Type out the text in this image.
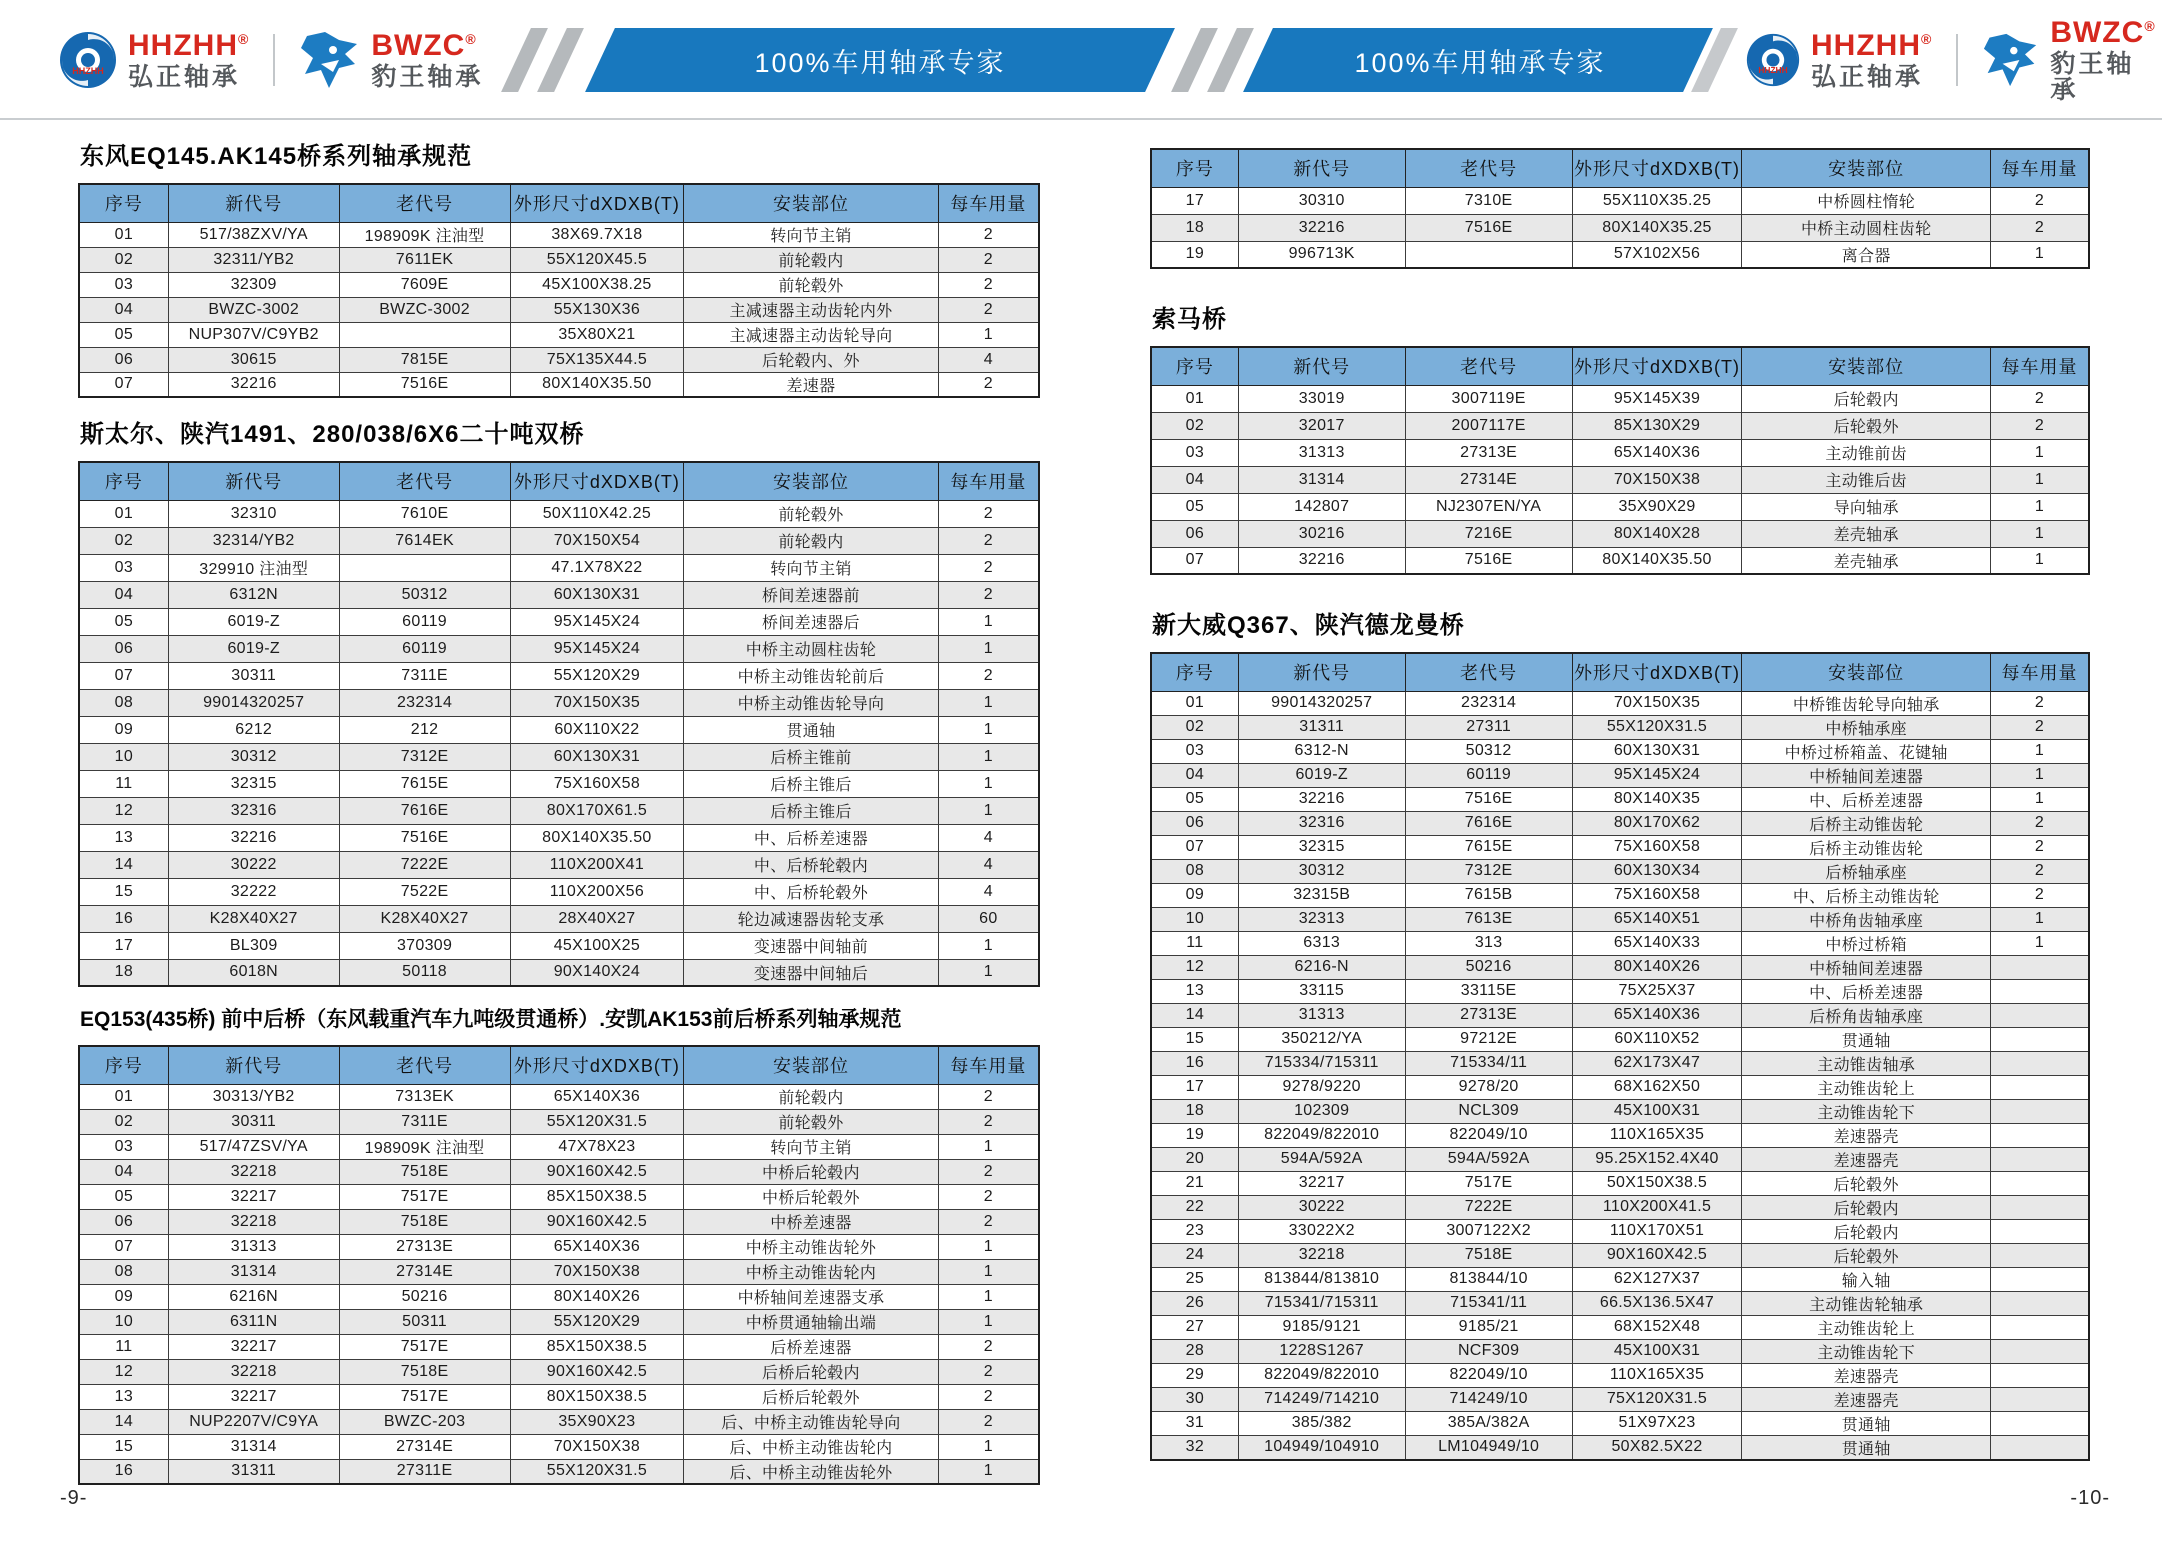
HHZHH
HHZHH®
弘正轴承
BWZC®
豹王轴承	100%车用轴承专家	100%车用轴承专家	HHZHH
HHZHH®
弘正轴承
BWZC®
豹王轴承
东风EQ145.AK145桥系列轴承规范
序号	新代号	老代号	外形尺寸dXDXB(T)	安装部位	每车用量
01	517/38ZXV/YA	198909K 注油型	38X69.7X18	转向节主销	2
02	32311/YB2	7611EK	55X120X45.5	前轮毂内	2
03	32309	7609E	45X100X38.25	前轮毂外	2
04	BWZC-3002	BWZC-3002	55X130X36	主减速器主动齿轮内外	2
05	NUP307V/C9YB2		35X80X21	主减速器主动齿轮导向	1
06	30615	7815E	75X135X44.5	后轮毂内、外	4
07	32216	7516E	80X140X35.50	差速器	2
斯太尔、陕汽1491、280/038/6X6二十吨双桥
序号	新代号	老代号	外形尺寸dXDXB(T)	安装部位	每车用量
01	32310	7610E	50X110X42.25	前轮毂外	2
02	32314/YB2	7614EK	70X150X54	前轮毂内	2
03	329910 注油型		47.1X78X22	转向节主销	2
04	6312N	50312	60X130X31	桥间差速器前	2
05	6019-Z	60119	95X145X24	桥间差速器后	1
06	6019-Z	60119	95X145X24	中桥主动圆柱齿轮	1
07	30311	7311E	55X120X29	中桥主动锥齿轮前后	2
08	99014320257	232314	70X150X35	中桥主动锥齿轮导向	1
09	6212	212	60X110X22	贯通轴	1
10	30312	7312E	60X130X31	后桥主锥前	1
11	32315	7615E	75X160X58	后桥主锥后	1
12	32316	7616E	80X170X61.5	后桥主锥后	1
13	32216	7516E	80X140X35.50	中、后桥差速器	4
14	30222	7222E	110X200X41	中、后桥轮毂内	4
15	32222	7522E	110X200X56	中、后桥轮毂外	4
16	K28X40X27	K28X40X27	28X40X27	轮边减速器齿轮支承	60
17	BL309	370309	45X100X25	变速器中间轴前	1
18	6018N	50118	90X140X24	变速器中间轴后	1
EQ153(435桥) 前中后桥（东风载重汽车九吨级贯通桥）.安凯AK153前后桥系列轴承规范
序号	新代号	老代号	外形尺寸dXDXB(T)	安装部位	每车用量
01	30313/YB2	7313EK	65X140X36	前轮毂内	2
02	30311	7311E	55X120X31.5	前轮毂外	2
03	517/47ZSV/YA	198909K 注油型	47X78X23	转向节主销	1
04	32218	7518E	90X160X42.5	中桥后轮毂内	2
05	32217	7517E	85X150X38.5	中桥后轮毂外	2
06	32218	7518E	90X160X42.5	中桥差速器	2
07	31313	27313E	65X140X36	中桥主动锥齿轮外	1
08	31314	27314E	70X150X38	中桥主动锥齿轮内	1
09	6216N	50216	80X140X26	中桥轴间差速器支承	1
10	6311N	50311	55X120X29	中桥贯通轴输出端	1
11	32217	7517E	85X150X38.5	后桥差速器	2
12	32218	7518E	90X160X42.5	后桥后轮毂内	2
13	32217	7517E	80X150X38.5	后桥后轮毂外	2
14	NUP2207V/C9YA	BWZC-203	35X90X23	后、中桥主动锥齿轮导向	2
15	31314	27314E	70X150X38	后、中桥主动锥齿轮内	1
16	31311	27311E	55X120X31.5	后、中桥主动锥齿轮外	1
序号	新代号	老代号	外形尺寸dXDXB(T)	安装部位	每车用量
17	30310	7310E	55X110X35.25	中桥圆柱惰轮	2
18	32216	7516E	80X140X35.25	中桥主动圆柱齿轮	2
19	996713K		57X102X56	离合器	1
索马桥
序号	新代号	老代号	外形尺寸dXDXB(T)	安装部位	每车用量
01	33019	3007119E	95X145X39	后轮毂内	2
02	32017	2007117E	85X130X29	后轮毂外	2
03	31313	27313E	65X140X36	主动锥前齿	1
04	31314	27314E	70X150X38	主动锥后齿	1
05	142807	NJ2307EN/YA	35X90X29	导向轴承	1
06	30216	7216E	80X140X28	差壳轴承	1
07	32216	7516E	80X140X35.50	差壳轴承	1
新大威Q367、陕汽德龙曼桥
序号	新代号	老代号	外形尺寸dXDXB(T)	安装部位	每车用量
01	99014320257	232314	70X150X35	中桥锥齿轮导向轴承	2
02	31311	27311	55X120X31.5	中桥轴承座	2
03	6312-N	50312	60X130X31	中桥过桥箱盖、花键轴	1
04	6019-Z	60119	95X145X24	中桥轴间差速器	1
05	32216	7516E	80X140X35	中、后桥差速器	1
06	32316	7616E	80X170X62	后桥主动锥齿轮	2
07	32315	7615E	75X160X58	后桥主动锥齿轮	2
08	30312	7312E	60X130X34	后桥轴承座	2
09	32315B	7615B	75X160X58	中、后桥主动锥齿轮	2
10	32313	7613E	65X140X51	中桥角齿轴承座	1
11	6313	313	65X140X33	中桥过桥箱	1
12	6216-N	50216	80X140X26	中桥轴间差速器	
13	33115	33115E	75X25X37	中、后桥差速器	
14	31313	27313E	65X140X36	后桥角齿轴承座	
15	350212/YA	97212E	60X110X52	贯通轴	
16	715334/715311	715334/11	62X173X47	主动锥齿轴承	
17	9278/9220	9278/20	68X162X50	主动锥齿轮上	
18	102309	NCL309	45X100X31	主动锥齿轮下	
19	822049/822010	822049/10	110X165X35	差速器壳	
20	594A/592A	594A/592A	95.25X152.4X40	差速器壳	
21	32217	7517E	50X150X38.5	后轮毂外	
22	30222	7222E	110X200X41.5	后轮毂内	
23	33022X2	3007122X2	110X170X51	后轮毂内	
24	32218	7518E	90X160X42.5	后轮毂外	
25	813844/813810	813844/10	62X127X37	输入轴	
26	715341/715311	715341/11	66.5X136.5X47	主动锥齿轮轴承	
27	9185/9121	9185/21	68X152X48	主动锥齿轮上	
28	1228S1267	NCF309	45X100X31	主动锥齿轮下	
29	822049/822010	822049/10	110X165X35	差速器壳	
30	714249/714210	714249/10	75X120X31.5	差速器壳	
31	385/382	385A/382A	51X97X23	贯通轴	
32	104949/104910	LM104949/10	50X82.5X22	贯通轴	
-9-	-10-
